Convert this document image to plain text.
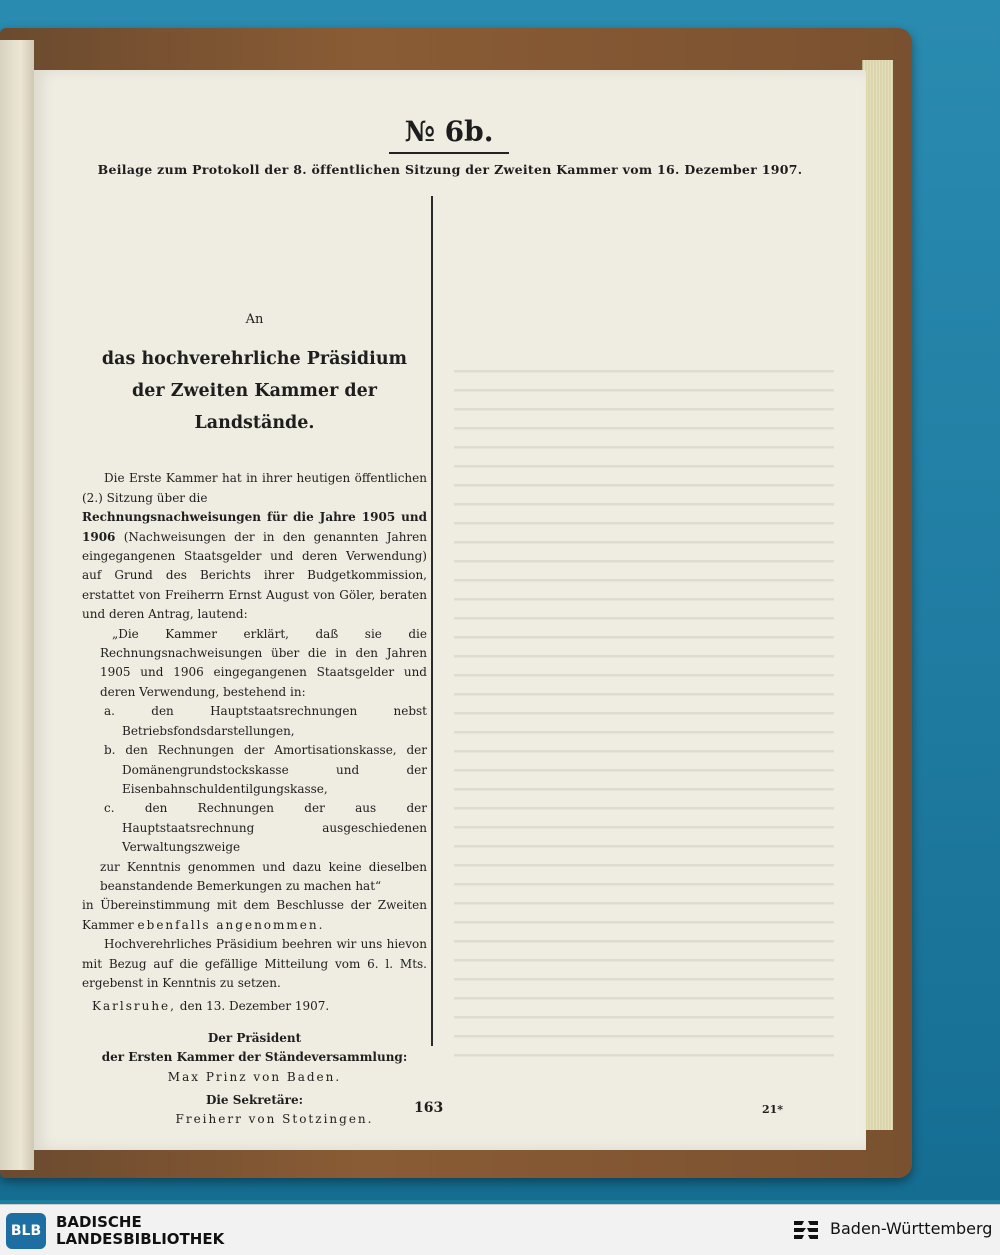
№ 6b.
Beilage zum Protokoll der 8. öffentlichen Sitzung der Zweiten Kammer vom 16. Dezember 1907.
An
das hochverehrliche Präsidium
der Zweiten Kammer der Landstände.

Die Erste Kammer hat in ihrer heutigen öffentlichen (2.) Sitzung über die
Rechnungsnachweisungen für die Jahre 1905 und 1906 (Nachweisungen der in den genannten Jahren eingegangenen Staatsgelder und deren Verwendung) auf Grund des Berichts ihrer Budgetkommission, erstattet von Freiherrn Ernst August von Göler, beraten und deren Antrag, lautend:

„Die Kammer erklärt, daß sie die Rechnungsnachweisungen über die in den Jahren 1905 und 1906 eingegangenen Staatsgelder und deren Verwendung, bestehend in:

a. den Hauptstaatsrechnungen nebst Betriebsfondsdarstellungen,

b. den Rechnungen der Amortisationskasse, der Domänengrundstockskasse und der Eisenbahnschuldentilgungskasse,

c. den Rechnungen der aus der Hauptstaatsrechnung ausgeschiedenen Verwaltungszweige

zur Kenntnis genommen und dazu keine dieselben beanstandende Bemerkungen zu machen hat“

in Übereinstimmung mit dem Beschlusse der Zweiten Kammer ebenfalls angenommen.

Hochverehrliches Präsidium beehren wir uns hievon mit Bezug auf die gefällige Mitteilung vom 6. l. Mts. ergebenst in Kenntnis zu setzen.

Karlsruhe, den 13. Dezember 1907.

Der Präsident

der Ersten Kammer der Ständeversammlung:

Max Prinz von Baden.

Die Sekretäre:

Freiherr von Stotzingen.

163	21*
BLB BADISCHE
LANDESBIBLIOTHEK
Baden-Württemberg
